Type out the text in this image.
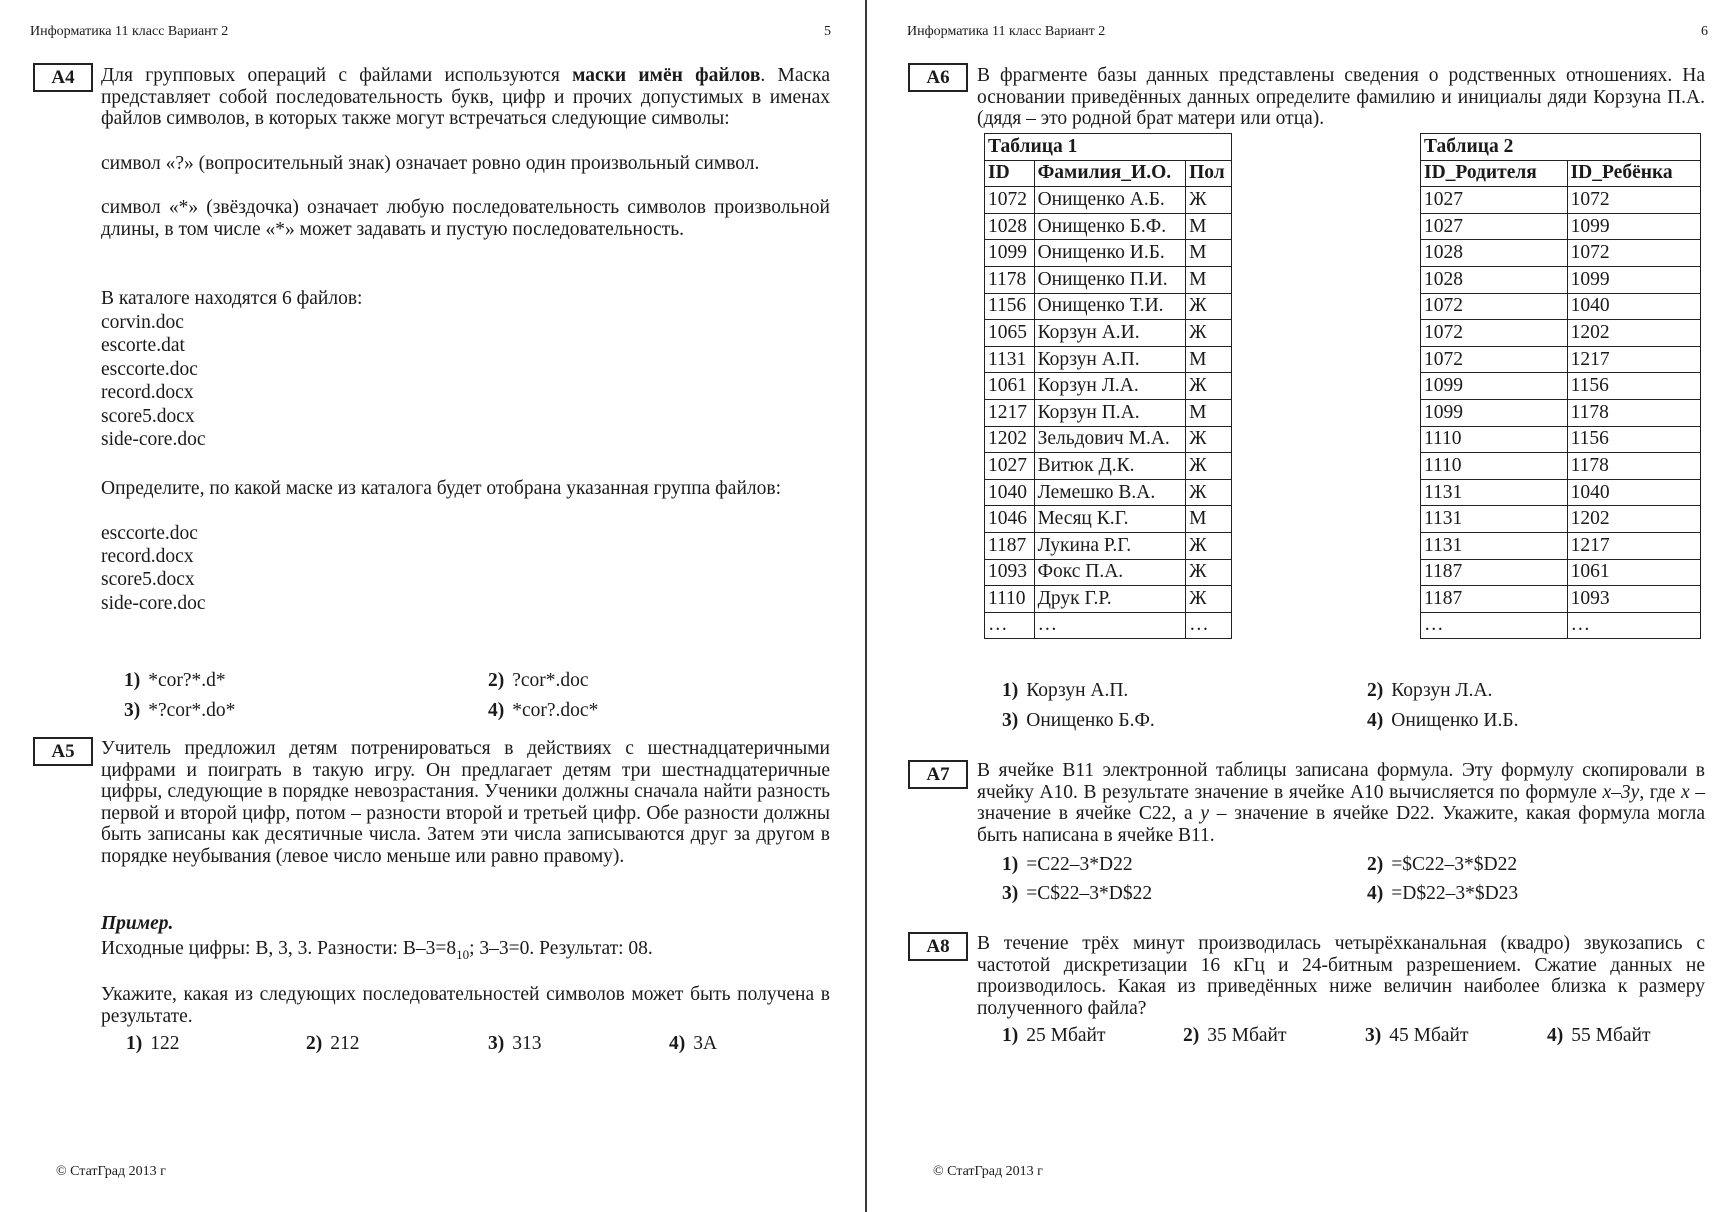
Информатика 11 класс Вариант 2	5
A4	Для групповых операций с файлами используются маски имён файлов. Маска представляет собой последовательность букв, цифр и прочих допустимых в именах файлов символов, в которых также могут встречаться следующие символы:
символ «?» (вопросительный знак) означает ровно один произвольный символ.
символ «*» (звёздочка) означает любую последовательность символов произвольной длины, в том числе «*» может задавать и пустую последовательность.
В каталоге находятся 6 файлов:
corvin.doc
escorte.dat
esccorte.doc
record.docx
score5.docx
side-core.doc
Определите, по какой маске из каталога будет отобрана указанная группа файлов:
esccorte.doc
record.docx
score5.docx
side-core.doc
1) *cor?*.d*	2) ?cor*.doc
3) *?cor*.do*	4) *cor?.doc*
A5	Учитель предложил детям потренироваться в действиях с шестнадцатеричными цифрами и поиграть в такую игру. Он предлагает детям три шестнадцатеричные цифры, следующие в порядке невозрастания. Ученики должны сначала найти разность первой и второй цифр, потом – разности второй и третьей цифр. Обе разности должны быть записаны как десятичные числа. Затем эти числа записываются друг за другом в порядке неубывания (левое число меньше или равно правому).
Пример.
Исходные цифры: B, 3, 3. Разности: $B-3=8_{10}$; 3–3=0. Результат: 08.
Укажите, какая из следующих последовательностей символов может быть получена в результате.
1) 122	2) 212	3) 313	4) 3A
© СтатГрад 2013 г
Информатика 11 класс Вариант 2	6
A6	В фрагменте базы данных представлены сведения о родственных отношениях. На основании приведённых данных определите фамилию и инициалы дяди Корзуна П.А. (дядя – это родной брат матери или отца).
Таблица 1		
ID	Фамилия_И.О.	Пол
1072	Онищенко А.Б.	Ж
1028	Онищенко Б.Ф.	М
1099	Онищенко И.Б.	М
1178	Онищенко П.И.	М
1156	Онищенко Т.И.	Ж
1065	Корзун А.И.	Ж
1131	Корзун А.П.	М
1061	Корзун Л.А.	Ж
1217	Корзун П.А.	М
1202	Зельдович М.А.	Ж
1027	Витюк Д.К.	Ж
1040	Лемешко В.А.	Ж
1046	Месяц К.Г.	М
1187	Лукина Р.Г.	Ж
1093	Фокс П.А.	Ж
1110	Друк Г.Р.	Ж
…	…	…
Таблица 2	
ID_Родителя	ID_Ребёнка
1027	1072
1027	1099
1028	1072
1028	1099
1072	1040
1072	1202
1072	1217
1099	1156
1099	1178
1110	1156
1110	1178
1131	1040
1131	1202
1131	1217
1187	1061
1187	1093
…	…
1) Корзун А.П.	2) Корзун Л.А.
3) Онищенко Б.Ф.	4) Онищенко И.Б.
A7	В ячейке B11 электронной таблицы записана формула. Эту формулу скопировали в ячейку A10. В результате значение в ячейке A10 вычисляется по формуле x–3y, где x – значение в ячейке C22, а y – значение в ячейке D22. Укажите, какая формула могла быть написана в ячейке B11.
1) =C22–3*D22	2) =$C22–3*$D22
3) =C$22–3*D$22	4) =D$22–3*$D23
A8	В течение трёх минут производилась четырёхканальная (квадро) звукозапись с частотой дискретизации 16 кГц и 24-битным разрешением. Сжатие данных не производилось. Какая из приведённых ниже величин наиболее близка к размеру полученного файла?
1) 25 Мбайт	2) 35 Мбайт	3) 45 Мбайт	4) 55 Мбайт
© СтатГрад 2013 г
